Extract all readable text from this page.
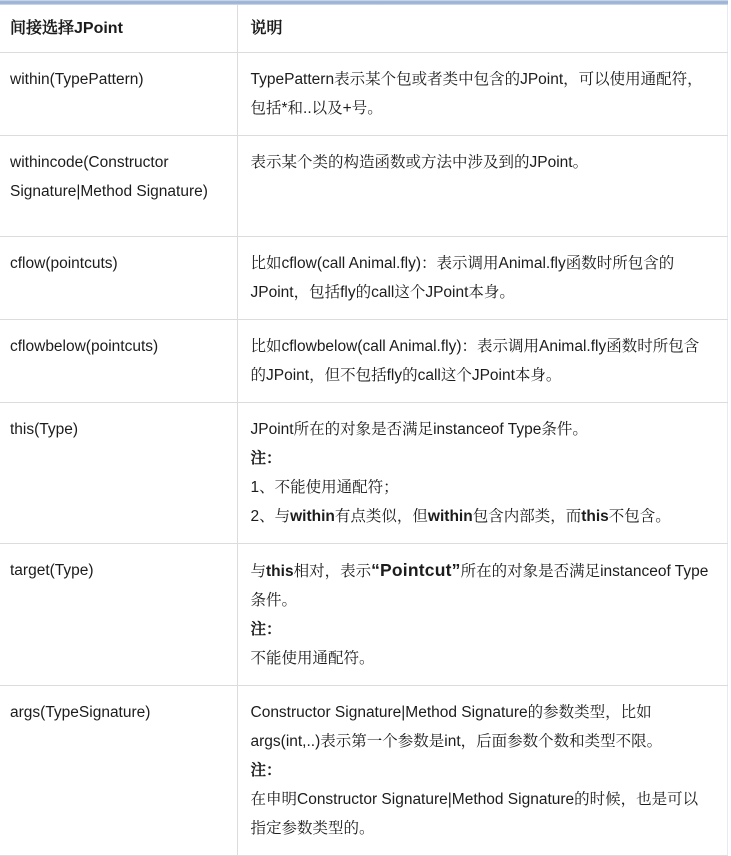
间接选择JPoint	说明
within(TypePattern)	TypePattern表示某个包或者类中包含的JPoint，可以使用通配符，包括*和..以及+号。

withincode(Constructor Signature|Method Signature)	表示某个类的构造函数或方法中涉及到的JPoint。

cflow(pointcuts)	比如cflow(call Animal.fly)：表示调用Animal.fly函数时所包含的JPoint，包括fly的call这个JPoint本身。

cflowbelow(pointcuts)	比如cflowbelow(call Animal.fly)：表示调用Animal.fly函数时所包含的JPoint，但不包括fly的call这个JPoint本身。

this(Type)	JPoint所在的对象是否满足instanceof Type条件。
注：
1、不能使用通配符；
2、与within有点类似，但within包含内部类，而this不包含。

target(Type)	与this相对，表示“Pointcut”所在的对象是否满足instanceof Type条件。
注：
不能使用通配符。

args(TypeSignature)	Constructor Signature|Method Signature的参数类型，比如args(int,..)表示第一个参数是int，后面参数个数和类型不限。
注：
在申明Constructor Signature|Method Signature的时候，也是可以指定参数类型的。
